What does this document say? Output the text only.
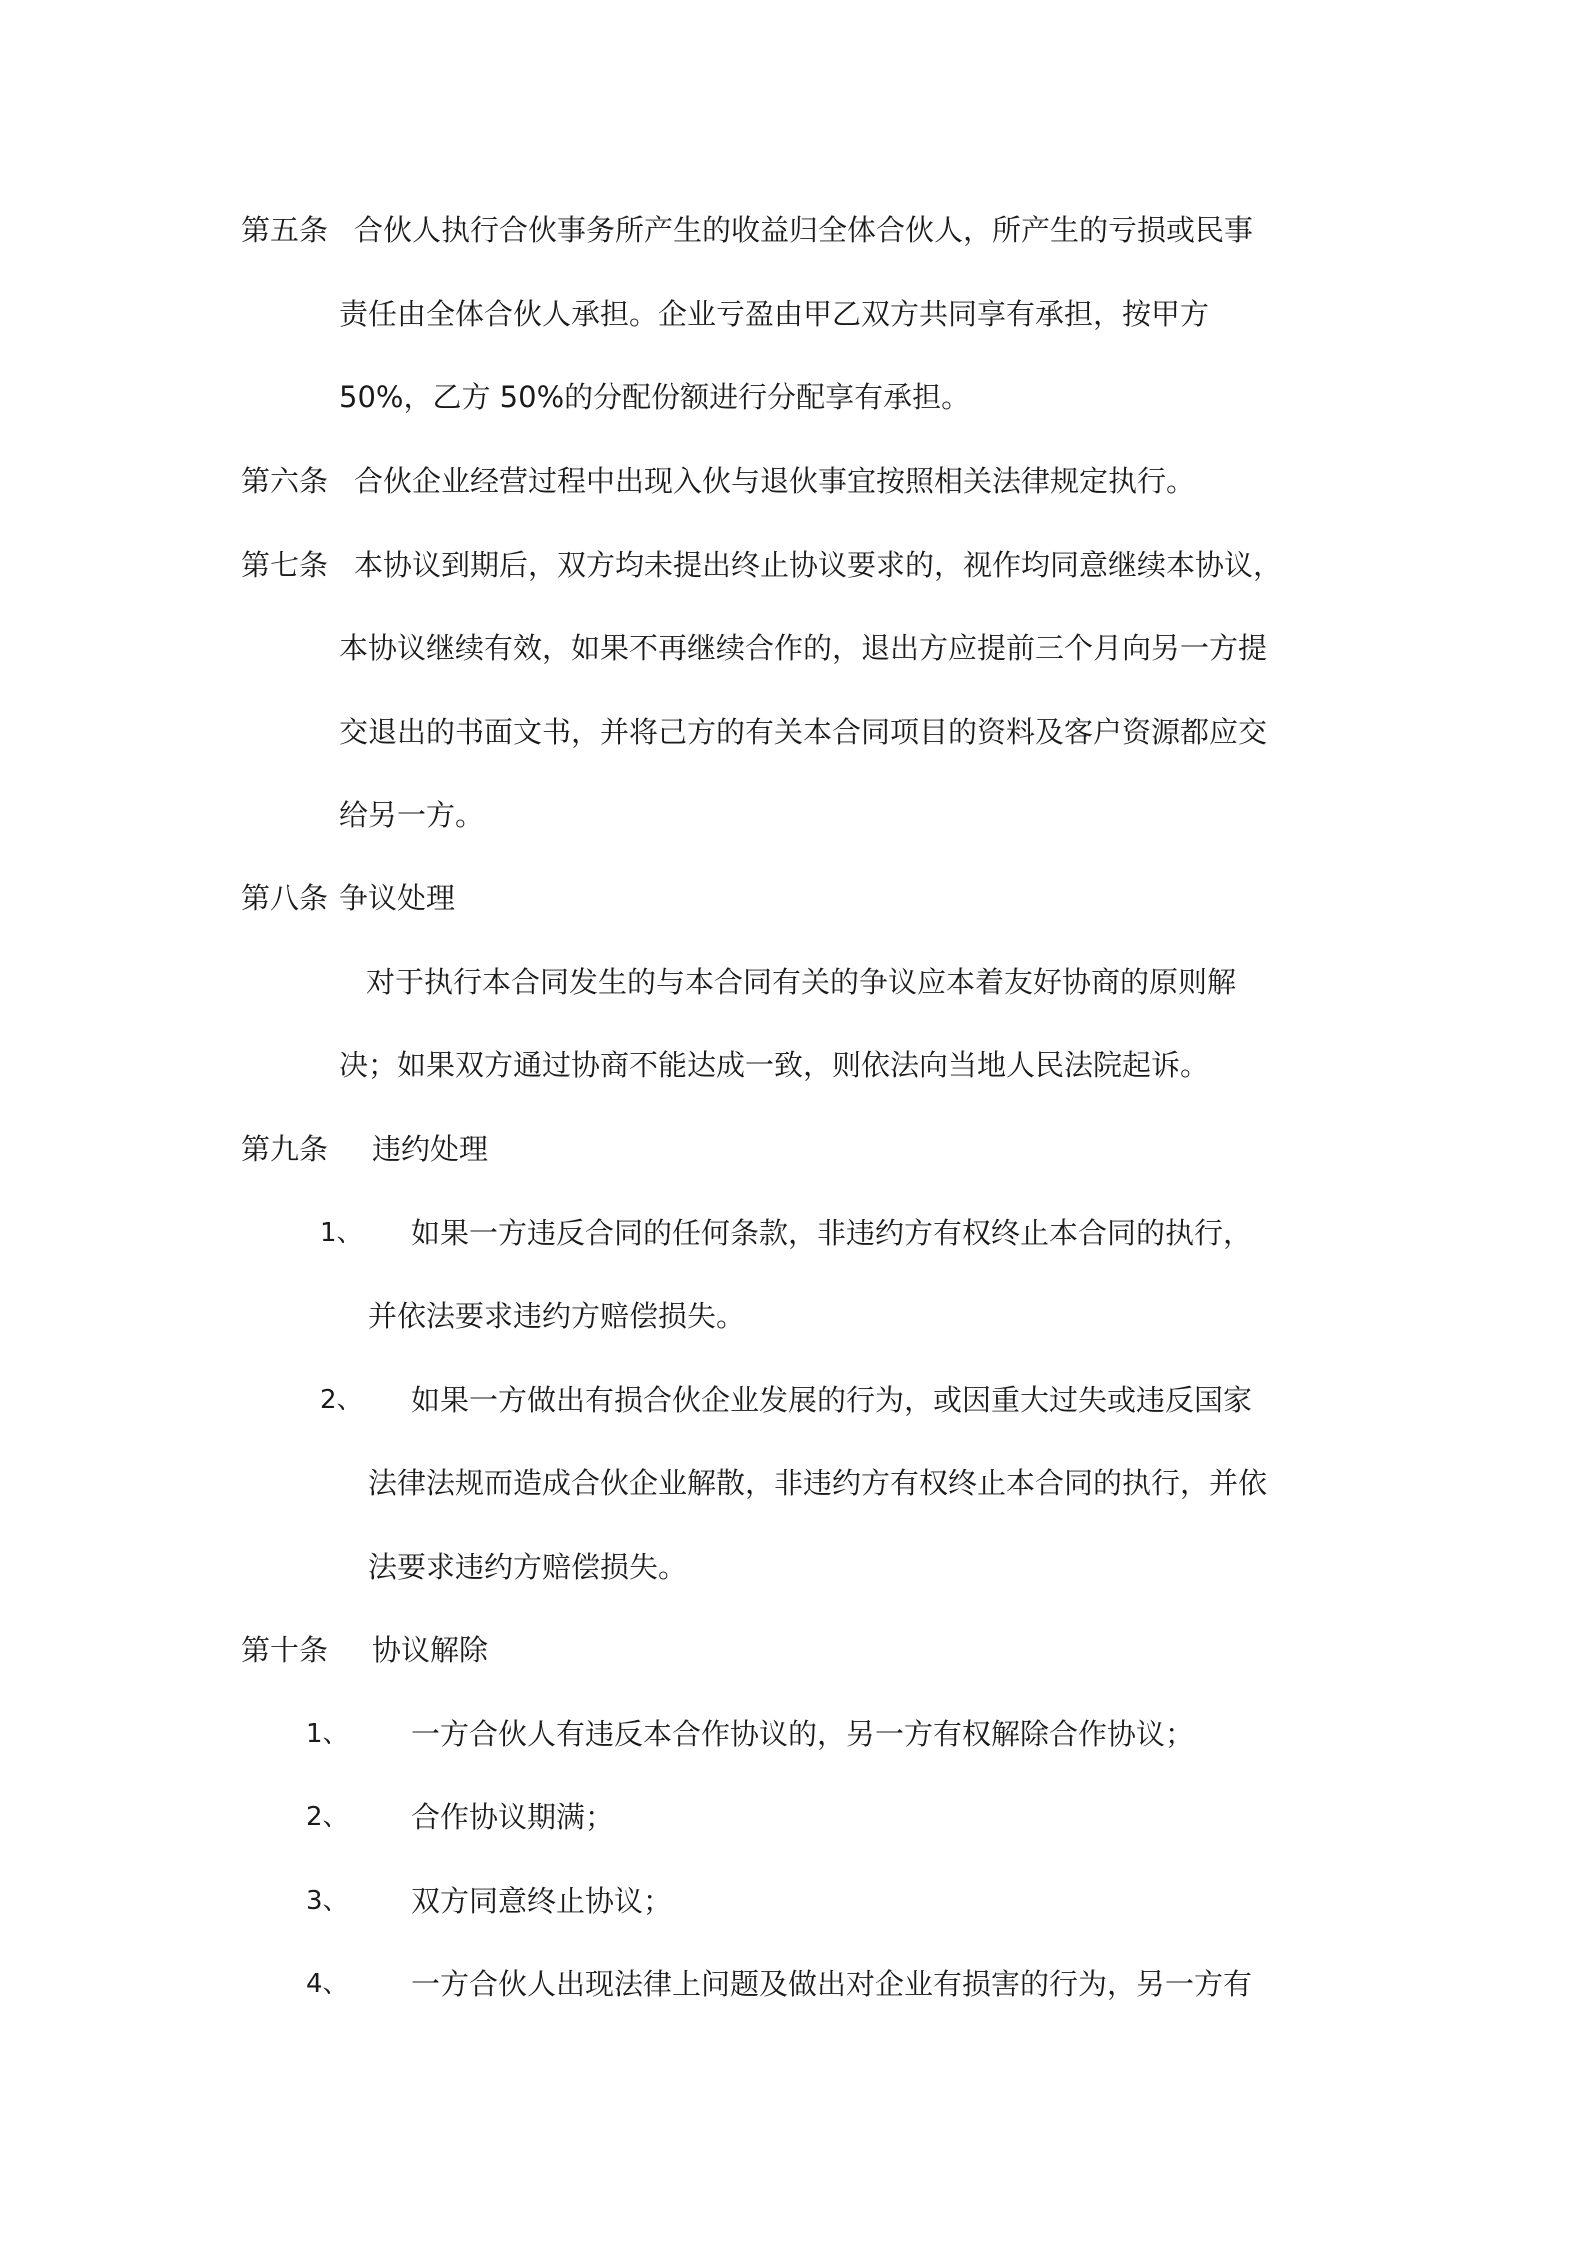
第五条 合伙人执行合伙事务所产生的收益归全体合伙人，所产生的亏损或民事
责任由全体合伙人承担。企业亏盈由甲乙双方共同享有承担，按甲方
50%，乙方 50%的分配份额进行分配享有承担。
第六条 合伙企业经营过程中出现入伙与退伙事宜按照相关法律规定执行。
第七条 本协议到期后，双方均未提出终止协议要求的，视作均同意继续本协议，
本协议继续有效，如果不再继续合作的，退出方应提前三个月向另一方提
交退出的书面文书，并将己方的有关本合同项目的资料及客户资源都应交
给另一方。
第八条 争议处理
对于执行本合同发生的与本合同有关的争议应本着友好协商的原则解
决；如果双方通过协商不能达成一致，则依法向当地人民法院起诉。
第九条 违约处理
1、 如果一方违反合同的任何条款，非违约方有权终止本合同的执行，
并依法要求违约方赔偿损失。
2、 如果一方做出有损合伙企业发展的行为，或因重大过失或违反国家
法律法规而造成合伙企业解散，非违约方有权终止本合同的执行，并依
法要求违约方赔偿损失。
第十条 协议解除
1、 一方合伙人有违反本合作协议的，另一方有权解除合作协议；
2、 合作协议期满；
3、 双方同意终止协议；
4、 一方合伙人出现法律上问题及做出对企业有损害的行为，另一方有
